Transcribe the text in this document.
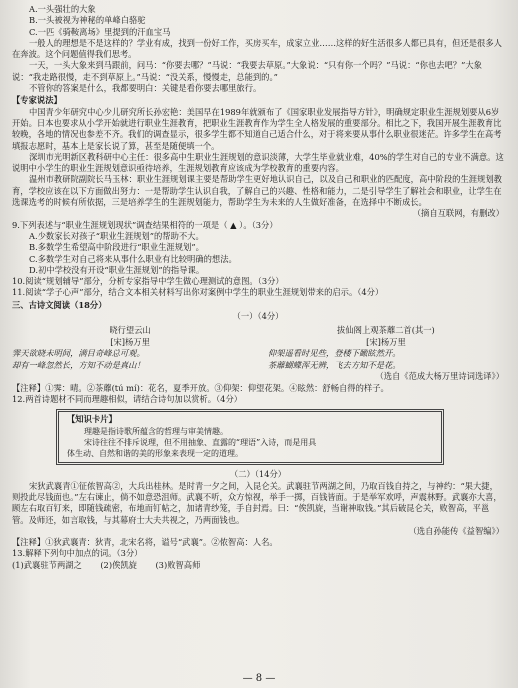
A.一头强壮的大象
B.一头被视为神秘的单峰白骆驼
C.一匹《骑鞍离场》里提到的汗血宝马
一般人的理想是不是这样的？学业有成，找到一份好工作，买房买车，成家立业……这样的好生活很多人都已具有，但还是很多人在奔波。这个问题值得我们思考。
一天，一头大象来到马跟前，问马：“你要去哪？”马说：“我要去草原。”大象说：“只有你一个吗？”马说：“你也去吧？”大象说：“我走路很慢，走不到草原上。”马说：“没关系，慢慢走，总能到的。”
不管你的答案是什么，我都要明白：关键是看你要去哪里旅行。
【专家说法】
中国青少年研究中心少儿研究所长孙宏艳：美国早在1989年就颁布了《国家职业发展指导方针》，明确规定职业生涯规划要从6岁开始。日本也要求从小学开始就进行职业生涯教育，把职业生涯教育作为学生全人格发展的重要部分。相比之下，我国开展生涯教育比较晚，各地的情况也参差不齐。我们的调查显示，很多学生都不知道自己适合什么，对于将来要从事什么职业很迷茫。许多学生在高考填报志愿时，基本上是家长说了算，甚至是随便填一个。
深圳市光明新区教科研中心主任：很多高中生职业生涯规划的意识淡薄，大学生毕业就业难，40%的学生对自己的专业不满意。这说明中小学生的职业生涯规划意识亟待培养，生涯规划教育应该成为学校教育的重要内容。
温州市教研院副院长马玉林：职业生涯规划课主要是帮助学生更好地认识自己，以及自己和职业的匹配度，高中阶段的生涯规划教育，学校应该在以下方面做出努力：一是帮助学生认识自我，了解自己的兴趣、性格和能力，二是引导学生了解社会和职业，让学生在选课选考的时候有所依据，三是培养学生的生涯规划能力，帮助学生为未来的人生做好准备，在选择中不断成长。
（摘自互联网，有删改）
9.下列表述与“职业生涯规划现状”调查结果相符的一项是（ ▲ ）。（3分）
A.少数家长对孩子“职业生涯规划”的帮助不大。
B.多数学生希望高中阶段进行“职业生涯规划”。
C.多数学生对自己将来从事什么职业有比较明确的想法。
D.初中学校没有开设“职业生涯规划”的指导课。
10.阅读“规划辅导”部分，分析专家指导中学生做心理测试的意图。（3分）
11.阅读“学子心声”部分，结合文本相关材料写出你对案例中学生的职业生涯规划带来的启示。（4分）
三、古诗文阅读（18分）
（一）（4分）
晓行望云山
[宋]杨万里
霁天欲晓未明间，满目奇峰总可观。
却有一峰忽然长，方知不动是真山！
拔仙阁上观茶蘼二首(其一)
[宋]杨万里
仰架遥看时见些，登楼下瞰眩然开。
茶蘼蝴蝶浑无辨，飞去方知不是花。
（选自《范成大杨万里诗词选译》）
【注释】①霁：晴。②茶蘼(tú mí)：花名，夏季开放。③仰架：仰望花架。④眩然：舒畅自得的样子。
12.两首诗题材不同而理趣相似，请结合诗句加以赏析。（4分）
【知识卡片】
理趣是指诗歌所蕴含的哲理与审美情趣。
宋诗往往不排斥说理，但不用抽象、直露的“理语”入诗，而是用具
体生动、自然和谐的美的形象来表现一定的道理。
（二）（14分）
宋狄武襄青①征侬智高②，大兵出桂林。是时青一夕之间，入昆仑关。武襄驻节两湖之间，乃取百钱自持之，与神约：“果大捷，则投此尽钱面也。”左右谏止，倘不如意恐沮师。武襄不听，众方惊视，举手一掷，百钱皆面。于是举军欢呼，声震林野。武襄亦大喜，顾左右取百钉来，即随钱疏密，布地而钉帖之，加诸青纱笼，手自封焉。曰：“俟凯旋，当谢神取钱。”其后破昆仑关，败智高，平邕管。及师还，如言取钱，与其幕府士大夫共视之，乃两面钱也。
（选自孙能传《益智编》）
【注释】①狄武襄青：狄青，北宋名将，谥号“武襄”。②侬智高：人名。
13.解释下列句中加点的词。（3分）
(1)武襄驻节两湖之 (2)俟凯旋 (3)败智高师
— 8 —
